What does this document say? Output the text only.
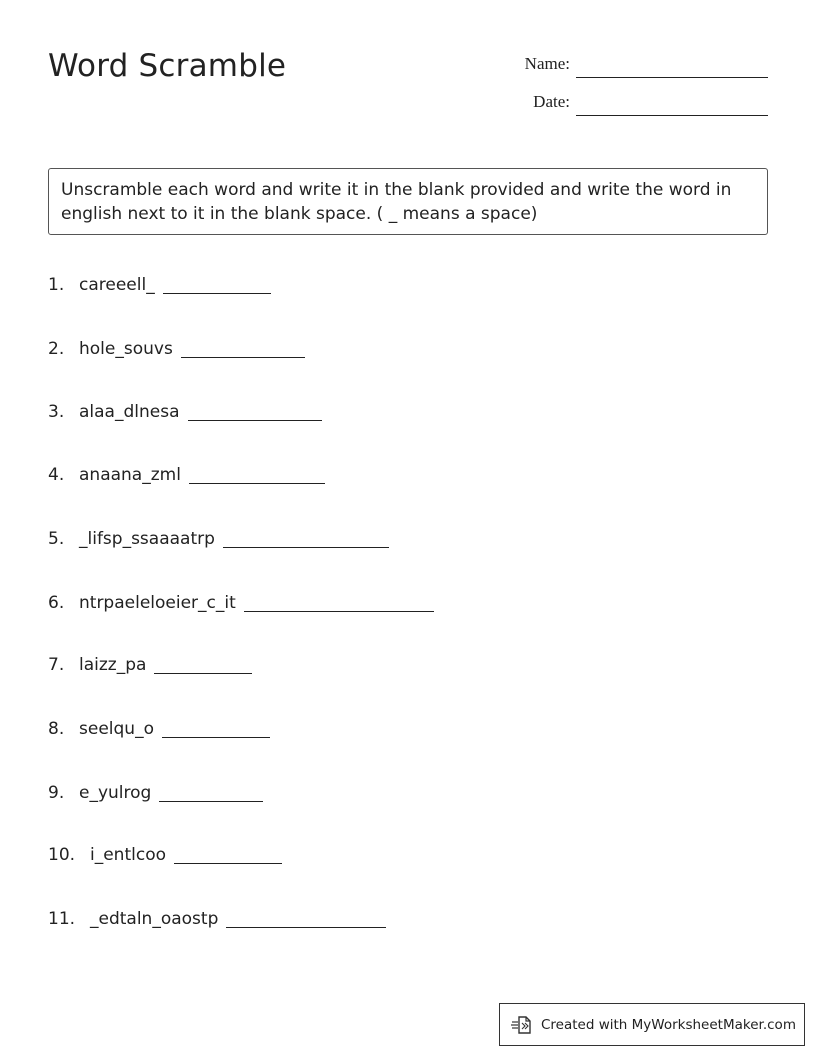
Word Scramble	Name:
Date:
Unscramble each word and write it in the blank provided and write the word in english next to it in the blank space. ( _ means a space)
1. careeell_
2. hole_souvs
3. alaa_dlnesa
4. anaana_zml
5. _lifsp_ssaaaatrp
6. ntrpaeleloeier_c_it
7. laizz_pa
8. seelqu_o
9. e_yulrog
10. i_entlcoo
11. _edtaln_oaostp
Created with MyWorksheetMaker.com
